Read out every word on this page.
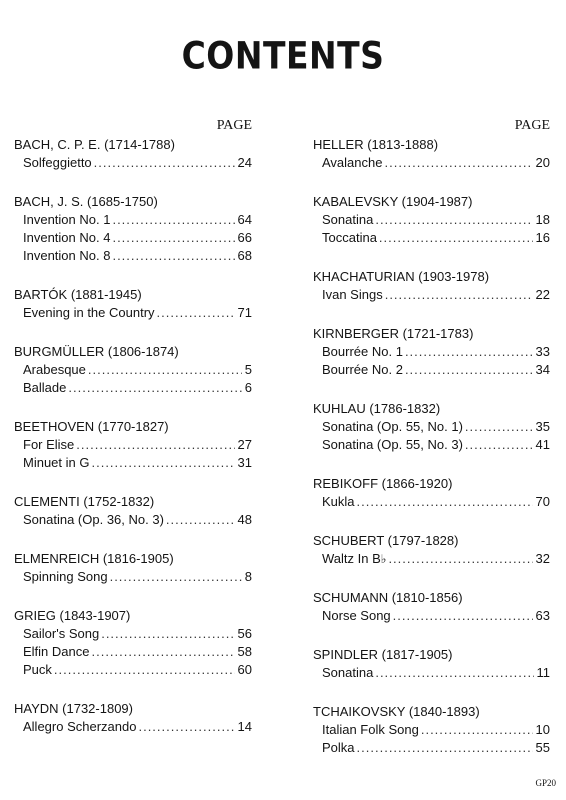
CONTENTS
PAGE
BACH, C. P. E. (1714-1788)
Solfeggietto .....	24
BACH, J. S. (1685-1750)
Invention No. 1 .....	64
Invention No. 4 .....	66
Invention No. 8 .....	68
BARTÓK (1881-1945)
Evening in the Country .....	71
BURGMÜLLER (1806-1874)
Arabesque .....	5
Ballade .....	6
BEETHOVEN (1770-1827)
For Elise .....	27
Minuet in G .....	31
CLEMENTI (1752-1832)
Sonatina (Op. 36, No. 3) .....	48
ELMENREICH (1816-1905)
Spinning Song .....	8
GRIEG (1843-1907)
Sailor's Song .....	56
Elfin Dance .....	58
Puck .....	60
HAYDN (1732-1809)
Allegro Scherzando .....	14
PAGE
HELLER (1813-1888)
Avalanche .....	20
KABALEVSKY (1904-1987)
Sonatina .....	18
Toccatina .....	16
KHACHATURIAN (1903-1978)
Ivan Sings .....	22
KIRNBERGER (1721-1783)
Bourrée No. 1 .....	33
Bourrée No. 2 .....	34
KUHLAU (1786-1832)
Sonatina (Op. 55, No. 1) .....	35
Sonatina (Op. 55, No. 3) .....	41
REBIKOFF (1866-1920)
Kukla .....	70
SCHUBERT (1797-1828)
Waltz In B♭ .....	32
SCHUMANN (1810-1856)
Norse Song .....	63
SPINDLER (1817-1905)
Sonatina .....	11
TCHAIKOVSKY (1840-1893)
Italian Folk Song .....	10
Polka .....	55
GP20
